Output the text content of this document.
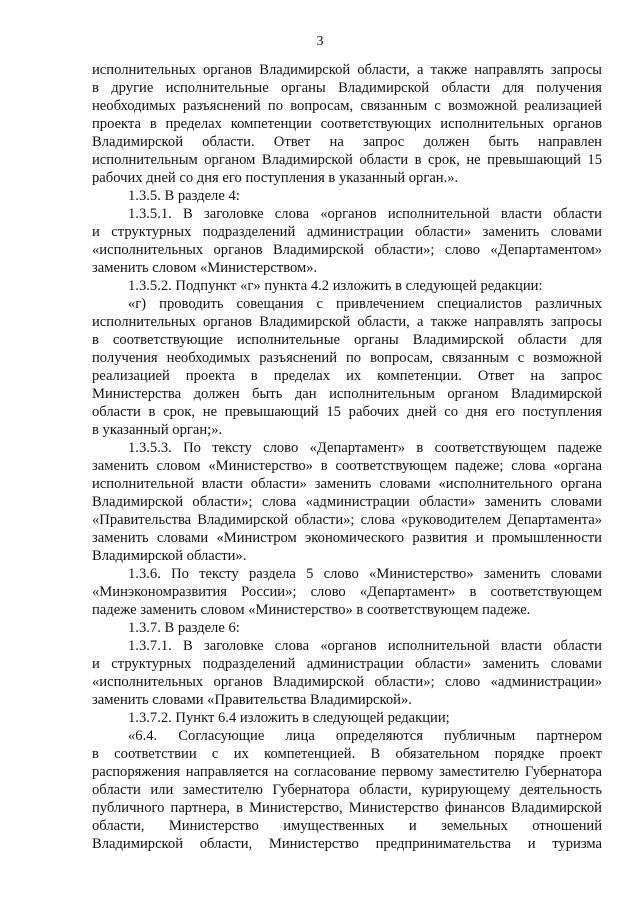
3
исполнительных органов Владимирской области, а также направлять запросы
в другие исполнительные органы Владимирской области для получения
необходимых разъяснений по вопросам, связанным с возможной реализацией
проекта в пределах компетенции соответствующих исполнительных органов
Владимирской области. Ответ на запрос должен быть направлен
исполнительным органом Владимирской области в срок, не превышающий 15
рабочих дней со дня его поступления в указанный орган.».
1.3.5. В разделе 4:
1.3.5.1. В заголовке слова «органов исполнительной власти области
и структурных подразделений администрации области» заменить словами
«исполнительных органов Владимирской области»; слово «Департаментом»
заменить словом «Министерством».
1.3.5.2. Подпункт «г» пункта 4.2 изложить в следующей редакции:
«г) проводить совещания с привлечением специалистов различных
исполнительных органов Владимирской области, а также направлять запросы
в соответствующие исполнительные органы Владимирской области для
получения необходимых разъяснений по вопросам, связанным с возможной
реализацией проекта в пределах их компетенции. Ответ на запрос
Министерства должен быть дан исполнительным органом Владимирской
области в срок, не превышающий 15 рабочих дней со дня его поступления
в указанный орган;».
1.3.5.3. По тексту слово «Департамент» в соответствующем падеже
заменить словом «Министерство» в соответствующем падеже; слова «органа
исполнительной власти области» заменить словами «исполнительного органа
Владимирской области»; слова «администрации области» заменить словами
«Правительства Владимирской области»; слова «руководителем Департамента»
заменить словами «Министром экономического развития и промышленности
Владимирской области».
1.3.6. По тексту раздела 5 слово «Министерство» заменить словами
«Минэкономразвития России»; слово «Департамент» в соответствующем
падеже заменить словом «Министерство» в соответствующем падеже.
1.3.7. В разделе 6:
1.3.7.1. В заголовке слова «органов исполнительной власти области
и структурных подразделений администрации области» заменить словами
«исполнительных органов Владимирской области»; слово «администрации»
заменить словами «Правительства Владимирской».
1.3.7.2. Пункт 6.4 изложить в следующей редакции;
«6.4. Согласующие лица определяются публичным партнером
в соответствии с их компетенцией. В обязательном порядке проект
распоряжения направляется на согласование первому заместителю Губернатора
области или заместителю Губернатора области, курирующему деятельность
публичного партнера, в Министерство, Министерство финансов Владимирской
области, Министерство имущественных и земельных отношений
Владимирской области, Министерство предпринимательства и туризма
